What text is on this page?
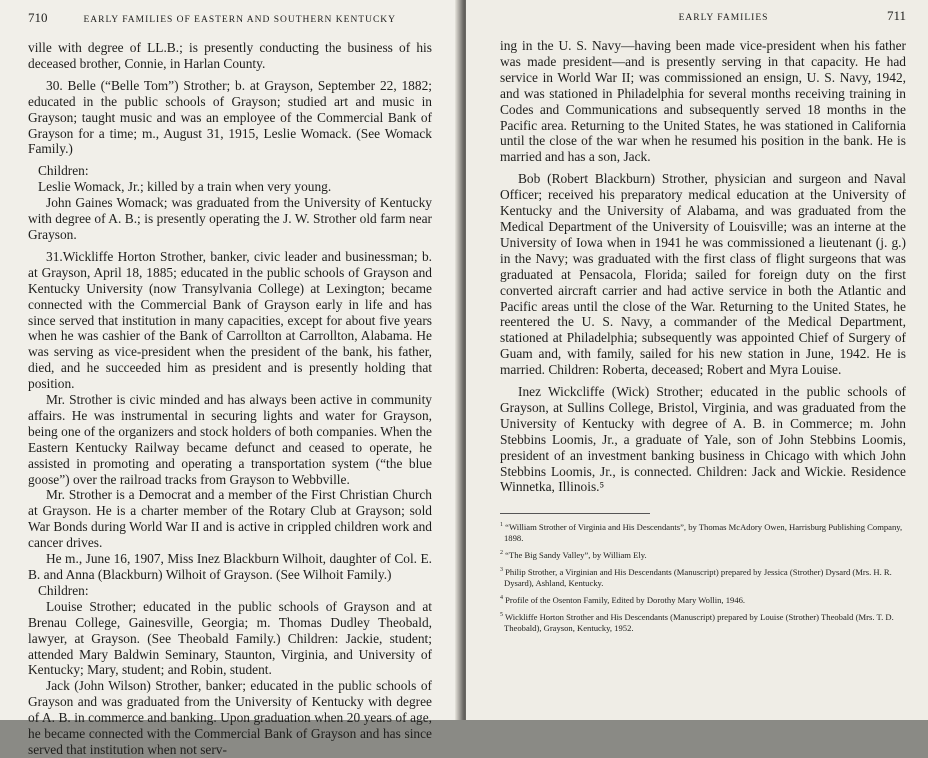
710	EARLY FAMILIES OF EASTERN AND SOUTHERN KENTUCKY

ville with degree of LL.B.; is presently conducting the business of his deceased brother, Connie, in Harlan County.

30. Belle (“Belle Tom”) Strother; b. at Grayson, September 22, 1882; educated in the public schools of Grayson; studied art and music in Grayson; taught music and was an employee of the Commercial Bank of Grayson for a time; m., August 31, 1915, Leslie Womack. (See Womack Family.)

Children:

Leslie Womack, Jr.; killed by a train when very young.

John Gaines Womack; was graduated from the University of Kentucky with degree of A. B.; is presently operating the J. W. Strother old farm near Grayson.

31.Wickliffe Horton Strother, banker, civic leader and businessman; b. at Grayson, April 18, 1885; educated in the public schools of Grayson and Kentucky University (now Transylvania College) at Lexington; became connected with the Commercial Bank of Grayson early in life and has since served that institution in many capacities, except for about five years when he was cashier of the Bank of Carrollton at Carrollton, Alabama. He was serving as vice-president when the president of the bank, his father, died, and he succeeded him as president and is presently holding that position.

Mr. Strother is civic minded and has always been active in community affairs. He was instrumental in securing lights and water for Grayson, being one of the organizers and stock holders of both companies. When the Eastern Kentucky Railway became defunct and ceased to operate, he assisted in promoting and operating a transportation system (“the blue goose”) over the railroad tracks from Grayson to Webbville.

Mr. Strother is a Democrat and a member of the First Christian Church at Grayson. He is a charter member of the Rotary Club at Grayson; sold War Bonds during World War II and is active in crippled children work and cancer drives.

He m., June 16, 1907, Miss Inez Blackburn Wilhoit, daughter of Col. E. B. and Anna (Blackburn) Wilhoit of Grayson. (See Wilhoit Family.)

Children:

Louise Strother; educated in the public schools of Grayson and at Brenau College, Gainesville, Georgia; m. Thomas Dudley Theobald, lawyer, at Grayson. (See Theobald Family.) Children: Jackie, student; attended Mary Baldwin Seminary, Staunton, Virginia, and University of Kentucky; Mary, student; and Robin, student.

Jack (John Wilson) Strother, banker; educated in the public schools of Grayson and was graduated from the University of Kentucky with degree of A. B. in commerce and banking. Upon graduation when 20 years of age, he became connected with the Commercial Bank of Grayson and has since served that institution when not serv-

EARLY FAMILIES	711

ing in the U. S. Navy—having been made vice-president when his father was made president—and is presently serving in that capacity. He had service in World War II; was commissioned an ensign, U. S. Navy, 1942, and was stationed in Philadelphia for several months receiving training in Codes and Communications and subsequently served 18 months in the Pacific area. Returning to the United States, he was stationed in California until the close of the war when he resumed his position in the bank. He is married and has a son, Jack.

Bob (Robert Blackburn) Strother, physician and surgeon and Naval Officer; received his preparatory medical education at the University of Kentucky and the University of Alabama, and was graduated from the Medical Department of the University of Louisville; was an interne at the University of Iowa when in 1941 he was commissioned a lieutenant (j. g.) in the Navy; was graduated with the first class of flight surgeons that was graduated at Pensacola, Florida; sailed for foreign duty on the first converted aircraft carrier and had active service in both the Atlantic and Pacific areas until the close of the War. Returning to the United States, he reentered the U. S. Navy, a commander of the Medical Department, stationed at Philadelphia; subsequently was appointed Chief of Surgery of Guam and, with family, sailed for his new station in June, 1942. He is married. Children: Roberta, deceased; Robert and Myra Louise.

Inez Wickcliffe (Wick) Strother; educated in the public schools of Grayson, at Sullins College, Bristol, Virginia, and was graduated from the University of Kentucky with degree of A. B. in Commerce; m. John Stebbins Loomis, Jr., a graduate of Yale, son of John Stebbins Loomis, president of an investment banking business in Chicago with which John Stebbins Loomis, Jr., is connected. Children: Jack and Wickie. Residence Winnetka, Illinois.⁵

$^1$ “William Strother of Virginia and His Descendants”, by Thomas McAdory Owen, Harrisburg Publishing Company, 1898.
$^2$ “The Big Sandy Valley”, by William Ely.
$^3$ Philip Strother, a Virginian and His Descendants (Manuscript) prepared by Jessica (Strother) Dysard (Mrs. H. R. Dysard), Ashland, Kentucky.
$^4$ Profile of the Osenton Family, Edited by Dorothy Mary Wollin, 1946.
$^5$ Wickliffe Horton Strother and His Descendants (Manuscript) prepared by Louise (Strother) Theobald (Mrs. T. D. Theobald), Grayson, Kentucky, 1952.
